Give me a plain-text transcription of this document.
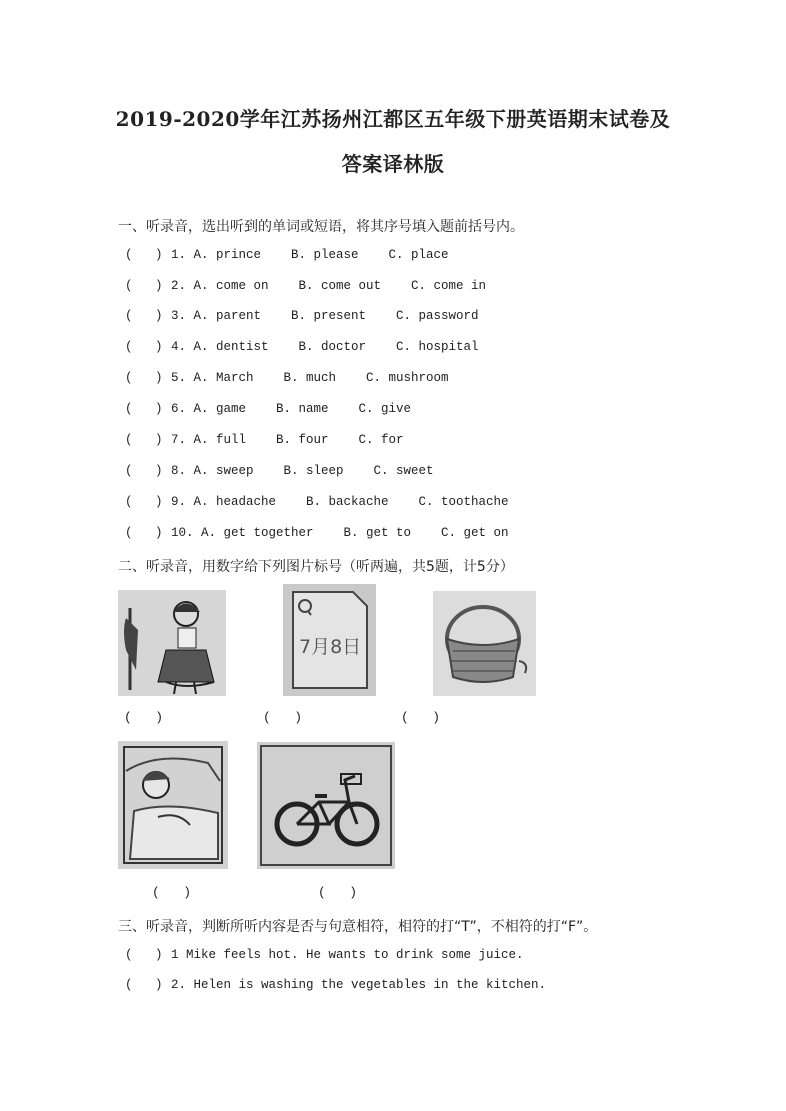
2019-2020学年江苏扬州江都区五年级下册英语期末试卷及
答案译林版
一、听录音，选出听到的单词或短语，将其序号填入题前括号内。
(   ) 1. A. prince    B. please    C. place
(   ) 2. A. come on    B. come out    C. come in
(   ) 3. A. parent    B. present    C. password
(   ) 4. A. dentist    B. doctor    C. hospital
(   ) 5. A. March    B. much    C. mushroom
(   ) 6. A. game    B. name    C. give
(   ) 7. A. full    B. four    C. for
(   ) 8. A. sweep    B. sleep    C. sweet
(   ) 9. A. headache    B. backache    C. toothache
(   ) 10. A. get together    B. get to    C. get on
二、听录音，用数字给下列图片标号（听两遍，共5题，计5分）
7月8日
(   )	(   )	(   )
(   )	(   )
三、听录音，判断所听内容是否与句意相符，相符的打“T”，不相符的打“F”。
(   ) 1 Mike feels hot. He wants to drink some juice.
(   ) 2. Helen is washing the vegetables in the kitchen.
